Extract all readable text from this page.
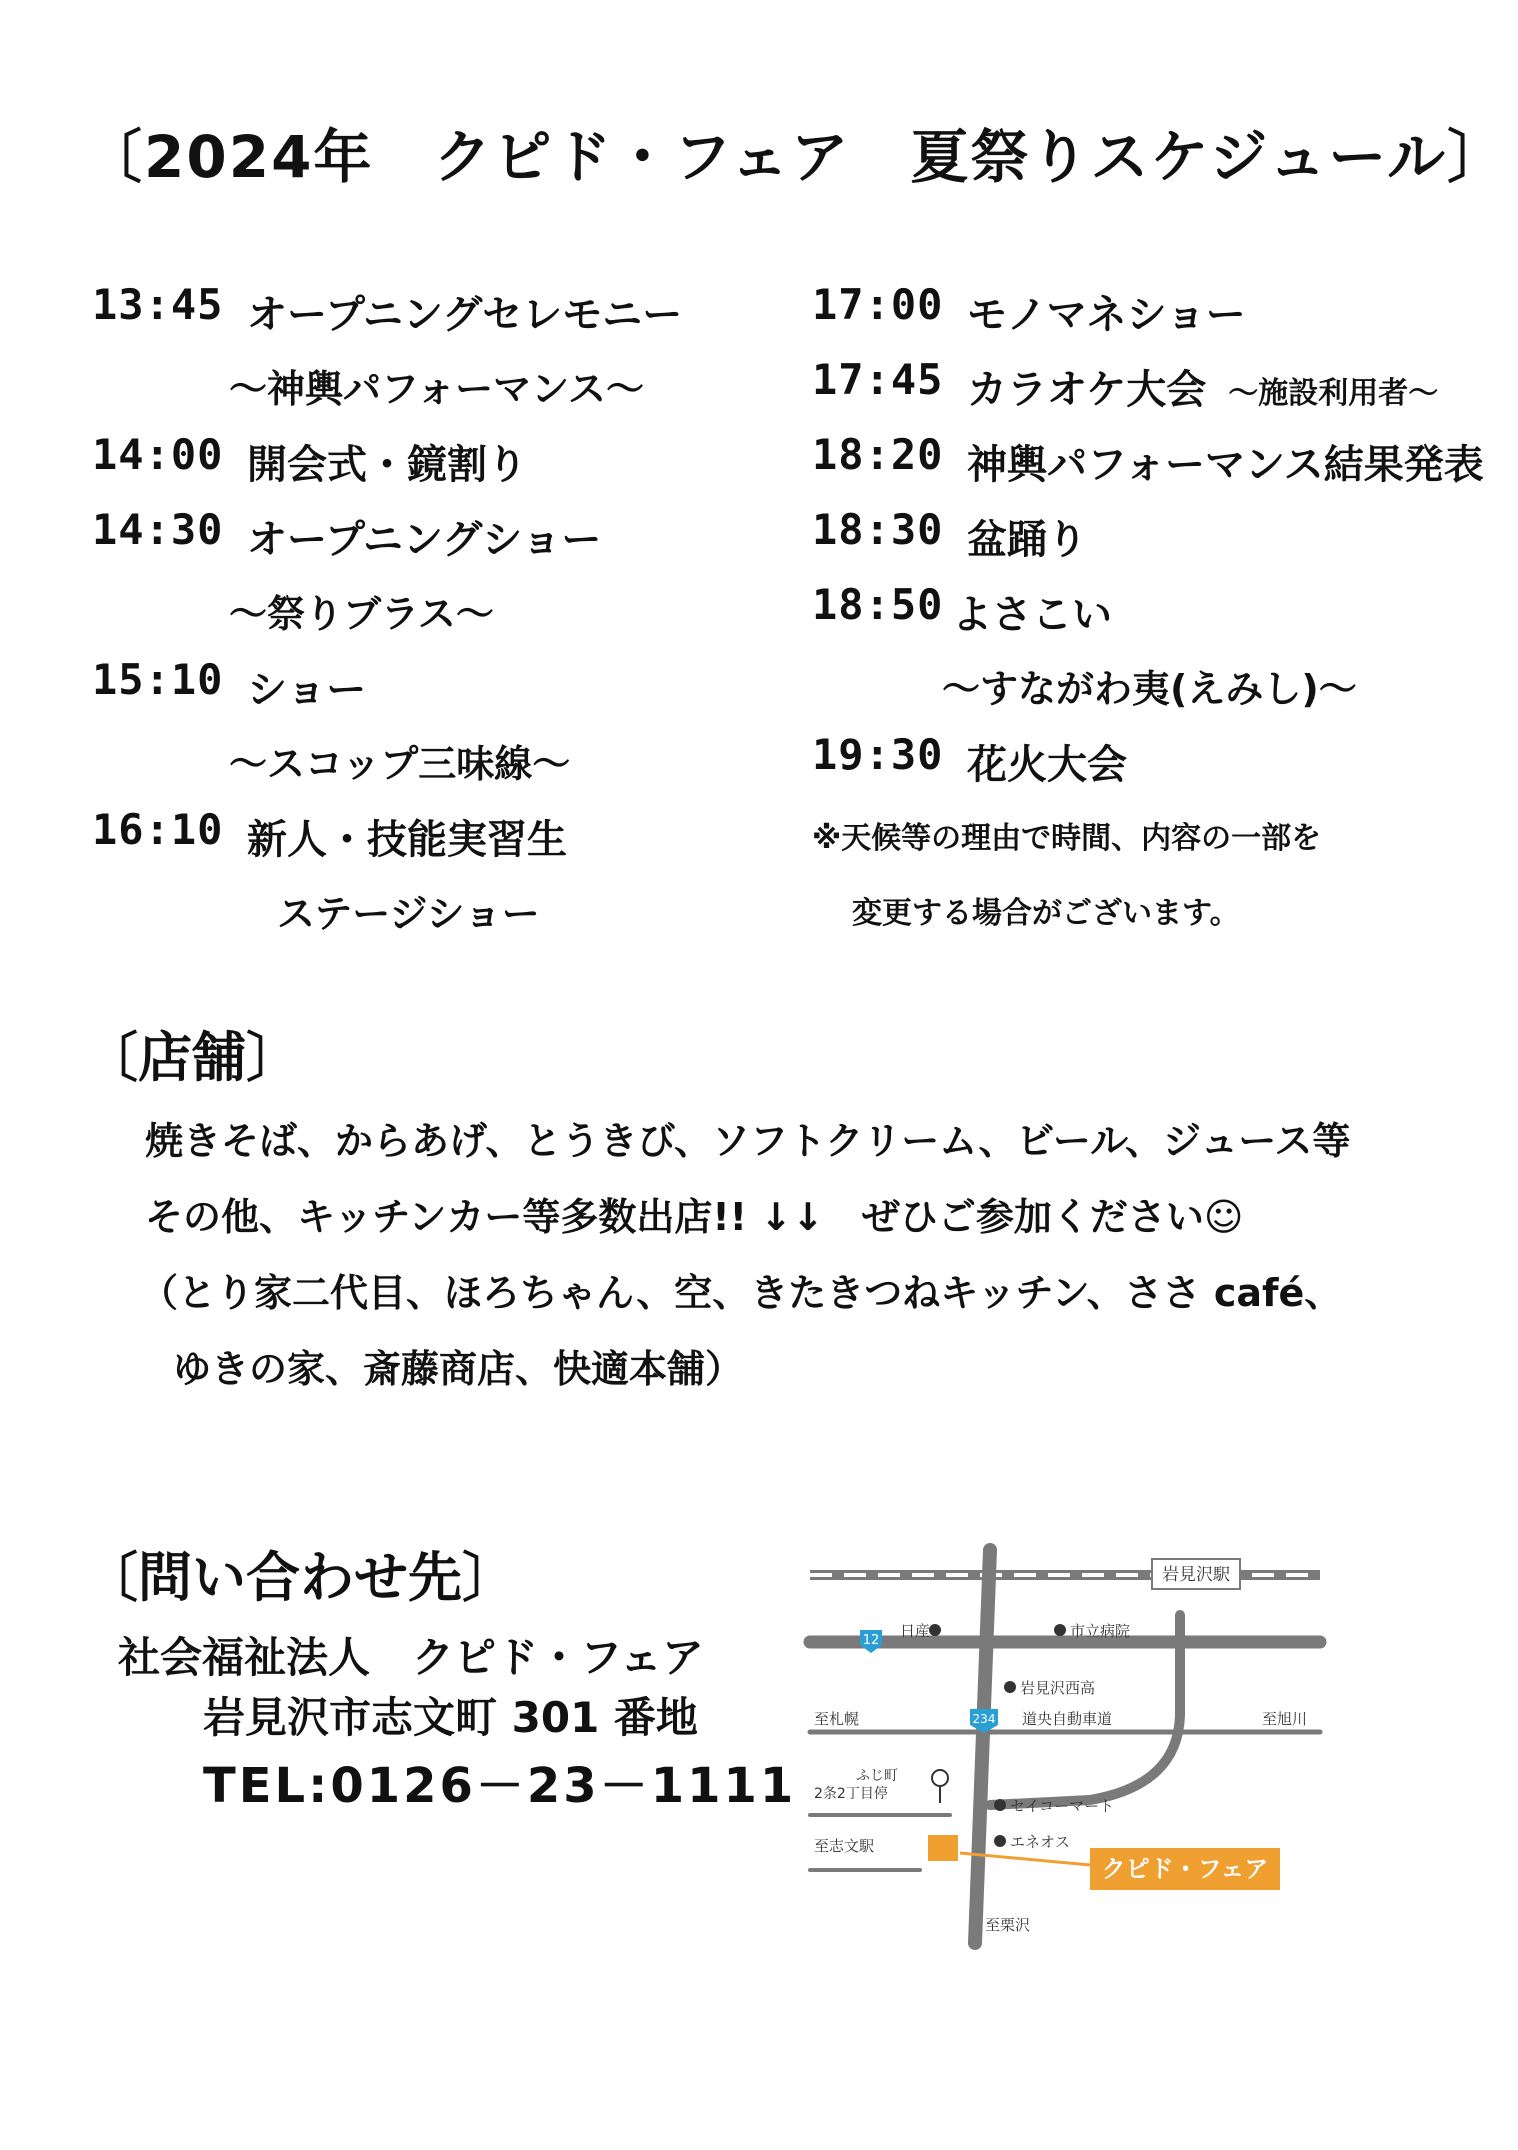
〔2024年　クピド・フェア　夏祭りスケジュール〕
13:45 オープニングセレモニー
～神輿パフォーマンス～
14:00 開会式・鏡割り
14:30 オープニングショー
～祭りブラス～
15:10 ショー
～スコップ三味線～
16:10 新人・技能実習生
ステージショー
17:00 モノマネショー
17:45 カラオケ大会 ～施設利用者～
18:20 神輿パフォーマンス結果発表
18:30 盆踊り
18:50 よさこい
～すながわ夷(えみし)～
19:30 花火大会
※天候等の理由で時間、内容の一部を
変更する場合がございます。
〔店舗〕
焼きそば、からあげ、とうきび、ソフトクリーム、ビール、ジュース等
その他、キッチンカー等多数出店!! ↓↓　ぜひご参加ください☺
（とり家二代目、ほろちゃん、空、きたきつねキッチン、ささ café、
ゆきの家、斎藤商店、快適本舗）
〔問い合わせ先〕
社会福祉法人　クピド・フェア
岩見沢市志文町 301 番地
TEL:0126－23－1111
岩見沢駅
12
234
日産	市立病院
岩見沢西高
至札幌	道央自動車道	至旭川
ふじ町
2条2丁目停
セイコーマート
エネオス
至志文駅
クピド・フェア
至栗沢
